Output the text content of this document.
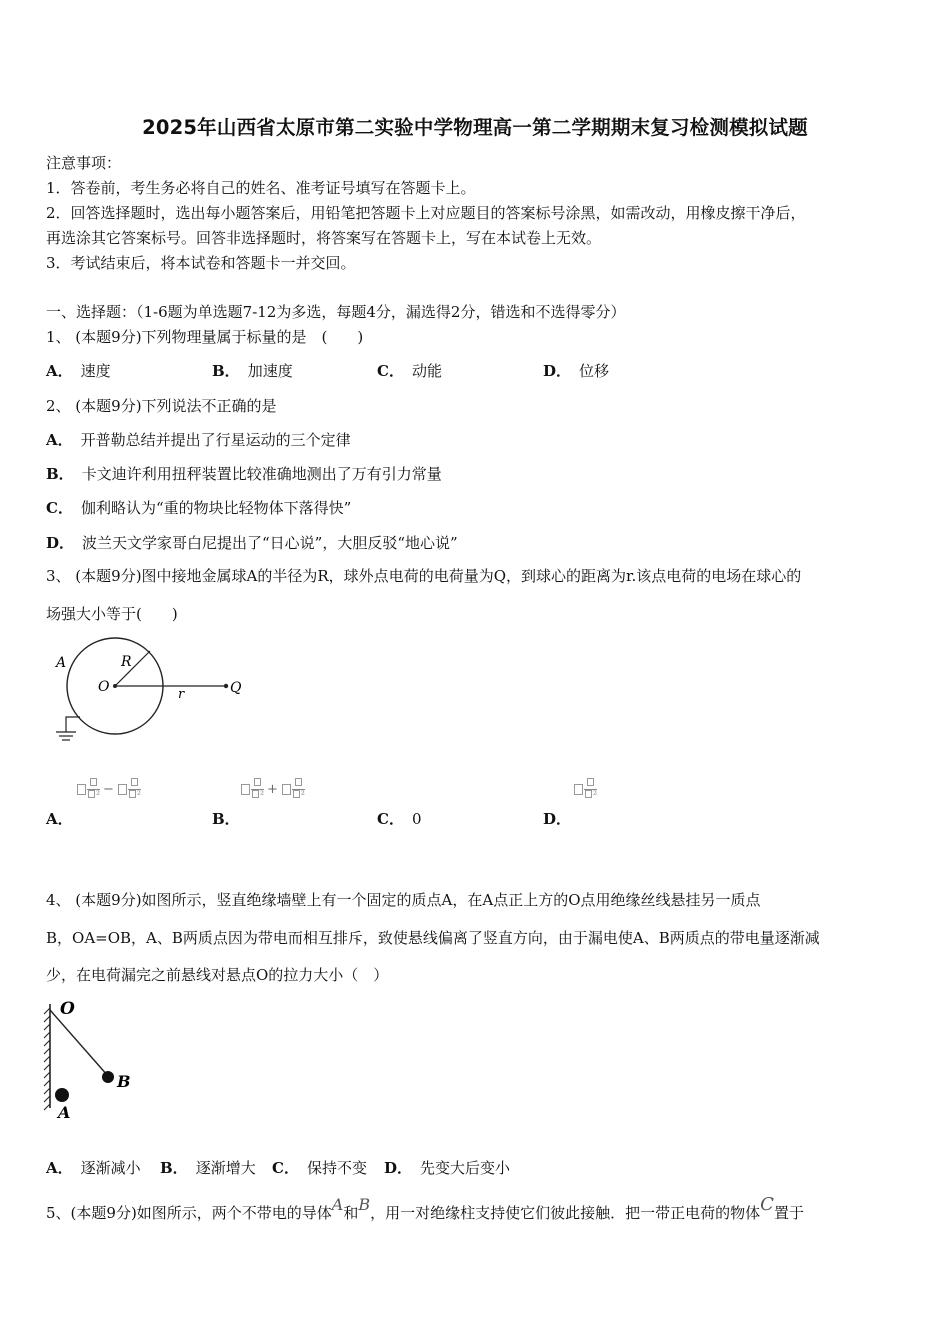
2025年山西省太原市第二实验中学物理高一第二学期期末复习检测模拟试题
注意事项：
1．答卷前，考生务必将自己的姓名、准考证号填写在答题卡上。
2．回答选择题时，选出每小题答案后，用铅笔把答题卡上对应题目的答案标号涂黑，如需改动，用橡皮擦干净后，
再选涂其它答案标号。回答非选择题时，将答案写在答题卡上，写在本试卷上无效。
3．考试结束后，将本试卷和答题卡一并交回。
一、选择题：（1-6题为单选题7-12为多选，每题4分，漏选得2分，错选和不选得零分）
1、 (本题9分)下列物理量属于标量的是　(　　)
A． 速度	B． 加速度	C． 动能	D． 位移
2、 (本题9分)下列说法不正确的是
A． 开普勒总结并提出了行星运动的三个定律
B． 卡文迪许利用扭秤装置比较准确地测出了万有引力常量
C． 伽利略认为“重的物块比轻物体下落得快”
D． 波兰天文学家哥白尼提出了“日心说”，大胆反驳“地心说”
3、 (本题9分)图中接地金属球A的半径为R，球外点电荷的电荷量为Q，到球心的距离为r.该点电荷的电场在球心的
场强大小等于(　　)
A	R
O	r	Q
² −	²	² +	²	²
A．	B．	C． 0	D．
4、 (本题9分)如图所示，竖直绝缘墙壁上有一个固定的质点A，在A点正上方的O点用绝缘丝线悬挂另一质点
B，OA=OB，A、B两质点因为带电而相互排斥，致使悬线偏离了竖直方向，由于漏电使A、B两质点的带电量逐渐减
少，在电荷漏完之前悬线对悬点O的拉力大小（　）
O
B
A
A． 逐渐减小 B． 逐渐增大 C． 保持不变 D． 先变大后变小
5、(本题9分)如图所示，两个不带电的导体A和B，用一对绝缘柱支持使它们彼此接触．把一带正电荷的物体C置于
